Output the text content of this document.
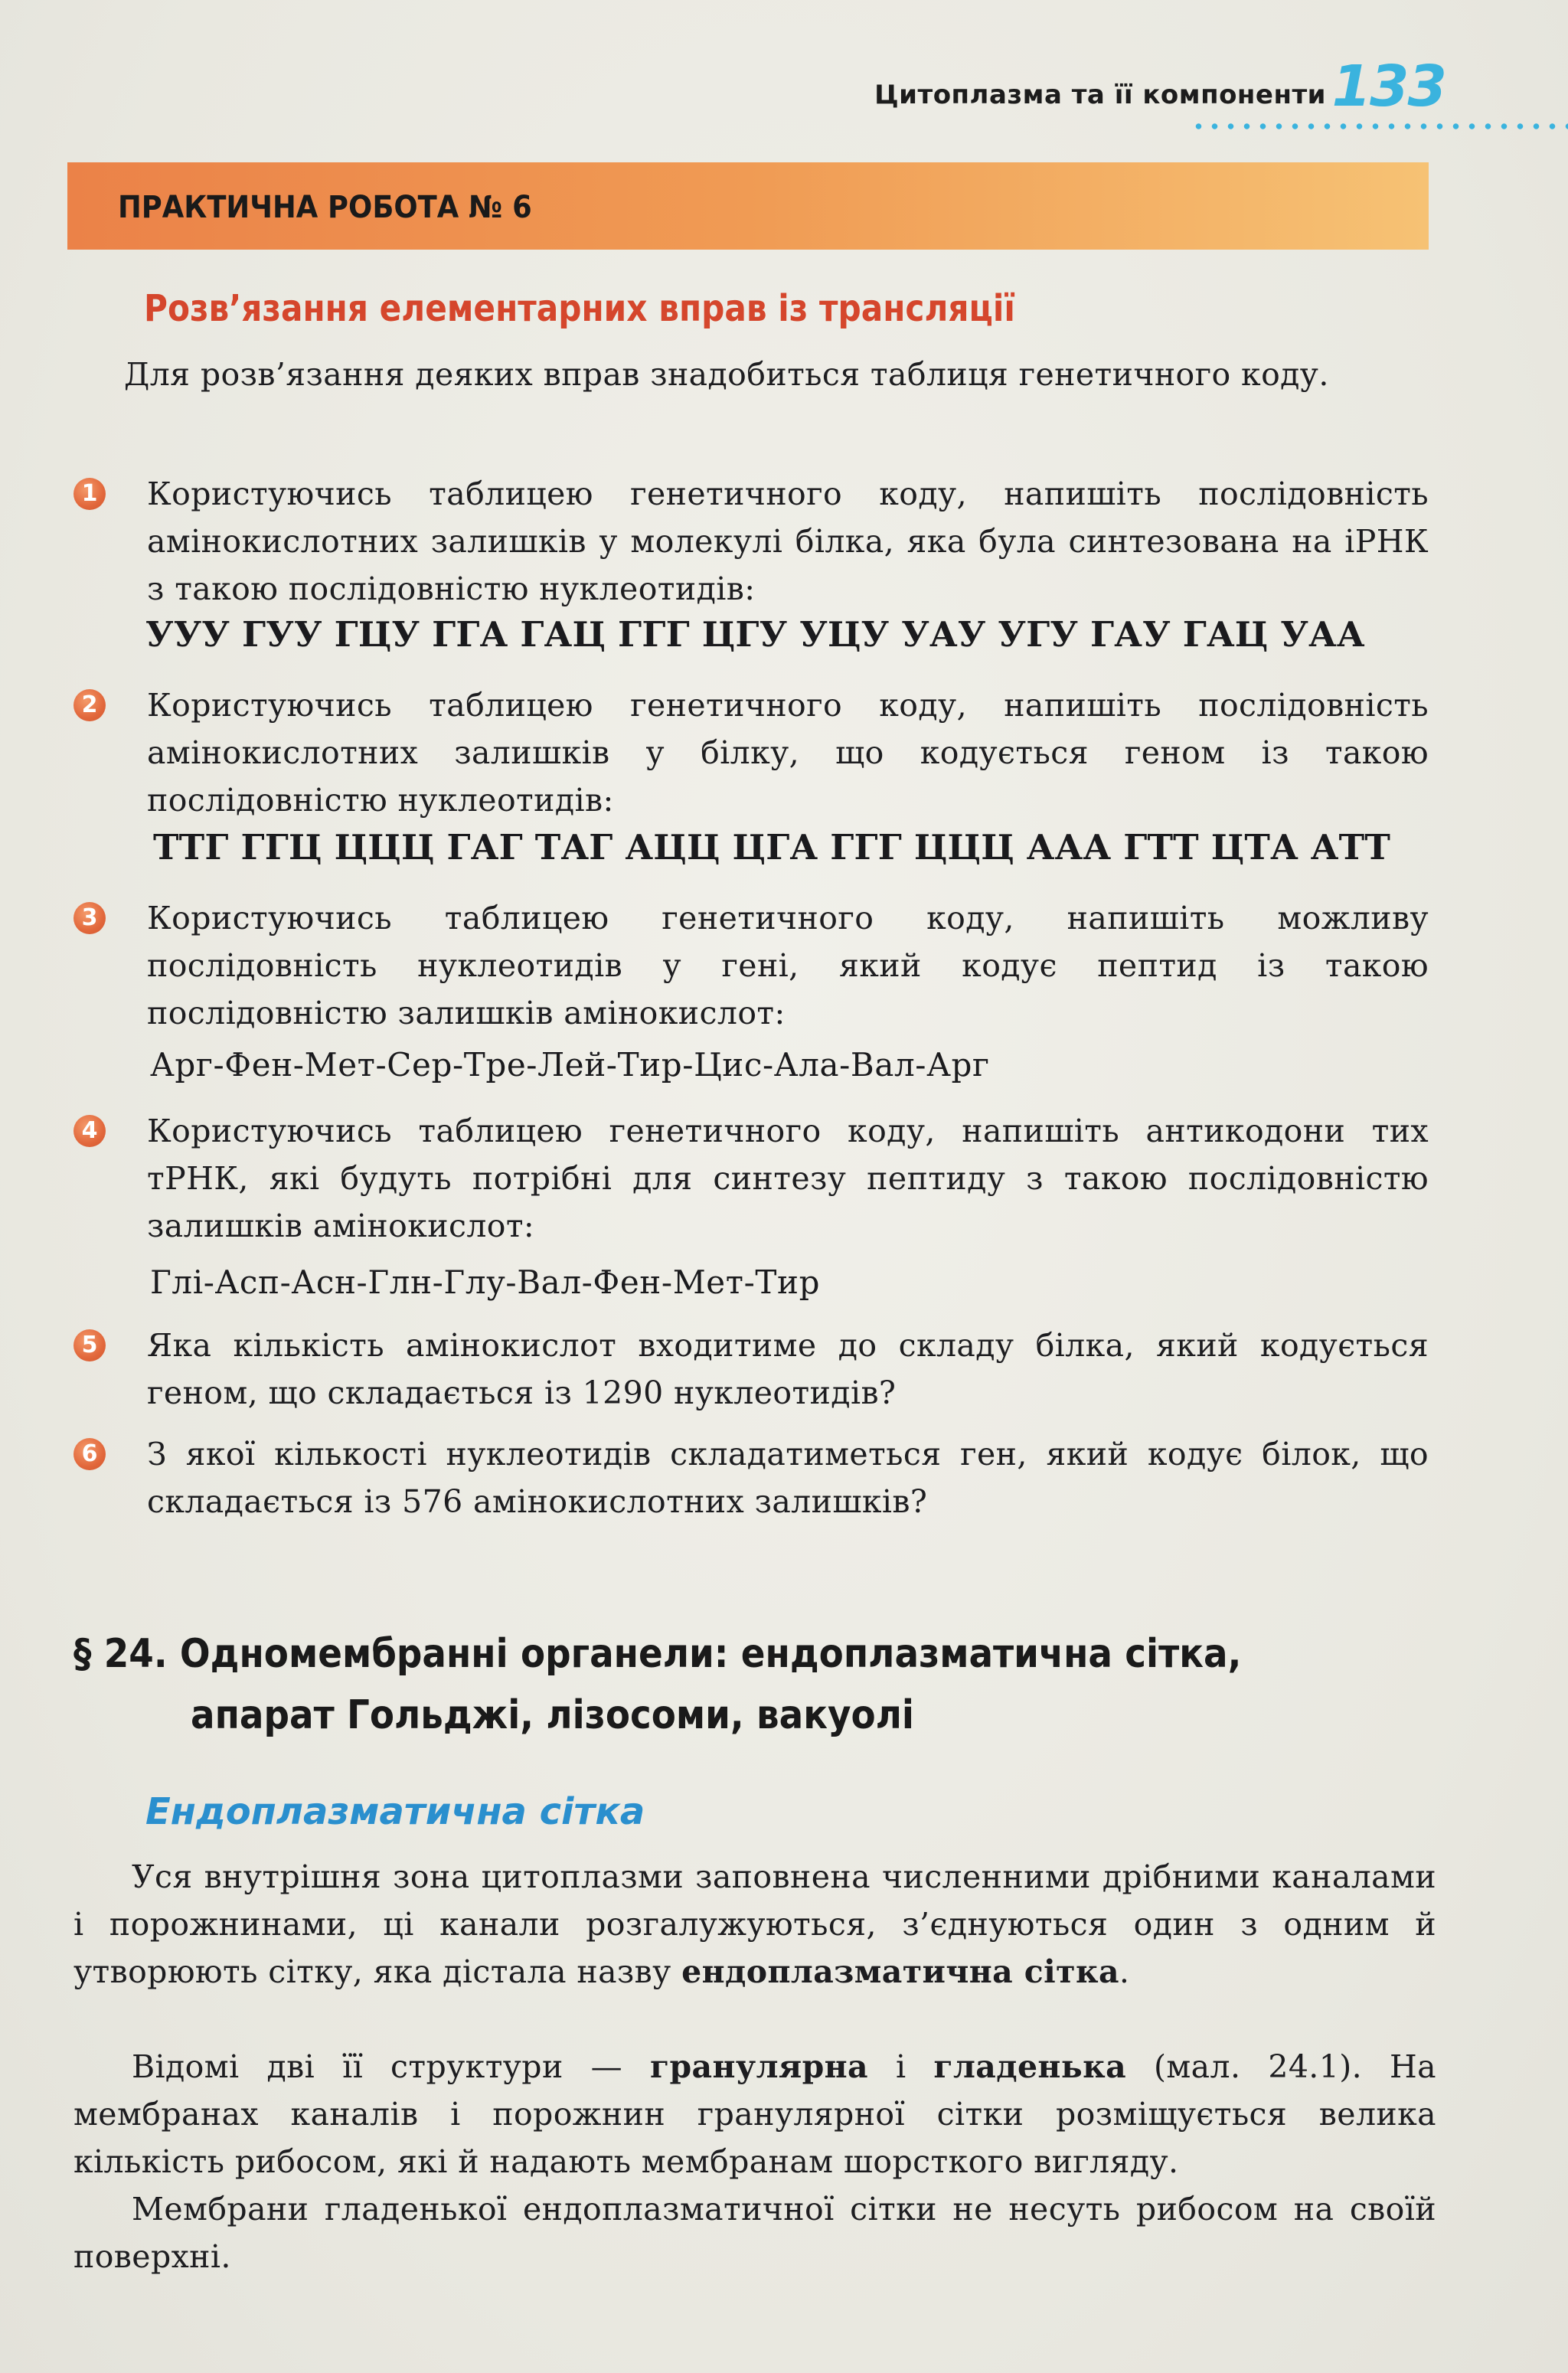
Цитоплазма та її компоненти 133
ПРАКТИЧНА РОБОТА № 6
Розв’язання елементарних вправ із трансляції
Для розв’язання деяких вправ знадобиться таблиця генетичного коду.
1 Користуючись таблицею генетичного коду, напишіть послідовність амінокислотних залишків у молекулі білка, яка була синтезована на іРНК з такою послідовністю нуклеотидів:
УУУ ГУУ ГЦУ ГГА ГАЦ ГГГ ЦГУ УЦУ УАУ УГУ ГАУ ГАЦ УАА
2 Користуючись таблицею генетичного коду, напишіть послідовність амінокислотних залишків у білку, що кодується геном із такою послідовністю нуклеотидів:
ТТГ ГГЦ ЦЦЦ ГАГ ТАГ АЦЦ ЦГА ГГГ ЦЦЦ ААА ГТТ ЦТА АТТ
3 Користуючись таблицею генетичного коду, напишіть можливу послідовність нуклеотидів у гені, який кодує пептид із такою послідовністю залишків амінокислот:
Арг-Фен-Мет-Сер-Тре-Лей-Тир-Цис-Ала-Вал-Арг
4 Користуючись таблицею генетичного коду, напишіть антикодони тих тРНК, які будуть потрібні для синтезу пептиду з такою послідовністю залишків амінокислот:
Глі-Асп-Асн-Глн-Глу-Вал-Фен-Мет-Тир
5 Яка кількість амінокислот входитиме до складу білка, який кодується геном, що складається із 1290 нуклеотидів?
6 З якої кількості нуклеотидів складатиметься ген, який кодує білок, що складається із 576 амінокислотних залишків?
§ 24. Одномембранні органели: ендоплазматична сітка,
апарат Гольджі, лізосоми, вакуолі
Ендоплазматична сітка
Уся внутрішня зона цитоплазми заповнена численними дрібними каналами і порожнинами, ці канали розгалужуються, з’єднуються один з одним й утворюють сітку, яка дістала назву ендоплазматична сітка.
Відомі дві її структури — гранулярна і гладенька (мал. 24.1). На мембранах каналів і порожнин гранулярної сітки розміщується велика кількість рибосом, які й надають мембранам шорсткого вигляду.
Мембрани гладенької ендоплазматичної сітки не несуть рибосом на своїй поверхні.
